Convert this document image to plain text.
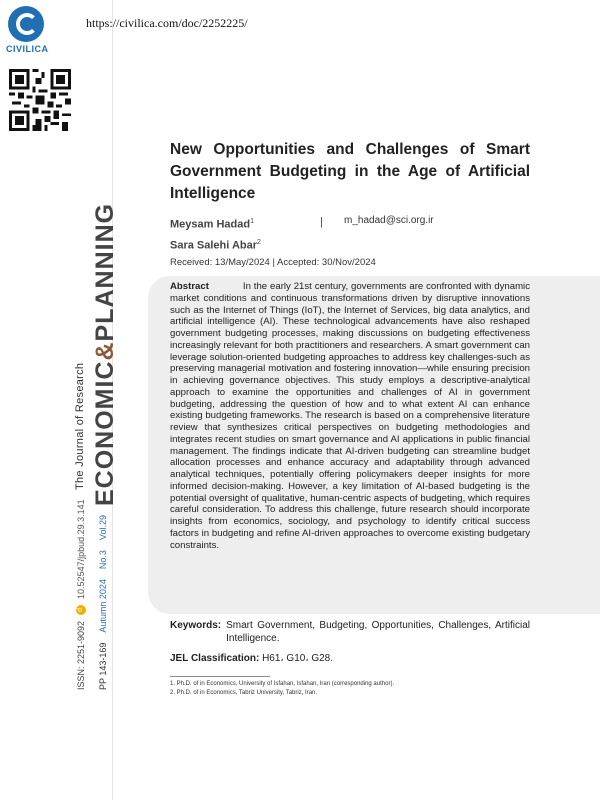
CIVILICA
https://civilica.com/doc/2252225/
New Opportunities and Challenges of Smart Government Budgeting in the Age of Artificial Intelligence
Meysam Hadad$^1$
Sara Salehi Abar$^2$
| m_hadad@sci.org.ir
Received: 13/May/2024 | Accepted: 30/Nov/2024
Abstract	In the early 21st century, governments are confronted with dynamic market conditions and continuous transformations driven by disruptive innovations such as the Internet of Things (IoT), the Internet of Services, big data analytics, and artificial intelligence (AI). These technological advancements have also reshaped government budgeting processes, making discussions on budgeting effectiveness increasingly relevant for both practitioners and researchers. A smart government can leverage solution-oriented budgeting approaches to address key challenges-such as preserving managerial motivation and fostering innovation—while ensuring precision in achieving governance objectives. This study employs a descriptive-analytical approach to examine the opportunities and challenges of AI in government budgeting, addressing the question of how and to what extent AI can enhance existing budgeting frameworks. The research is based on a comprehensive literature review that synthesizes critical perspectives on budgeting methodologies and integrates recent studies on smart governance and AI applications in public financial management. The findings indicate that AI-driven budgeting can streamline budget allocation processes and enhance accuracy and adaptability through advanced analytical techniques, potentially offering policymakers deeper insights for more informed decision-making. However, a key limitation of AI-based budgeting is the potential oversight of qualitative, human-centric aspects of budgeting, which requires careful consideration. To address this challenge, future research should incorporate insights from economics, sociology, and psychology to identify critical success factors in budgeting and refine AI-driven approaches to overcome existing budgetary constraints.
Keywords: Smart Government, Budgeting, Opportunities, Challenges, Artificial Intelligence.
JEL Classification: H61، G10، G28.
1. Ph.D. of in Economics, University of Isfahan, Isfahan, Iran (corresponding author).
2. Ph.D. of in Economics, Tabriz University, Tabriz, Iran.
The Journal of Research ECONOMIC&PLANNING
ISSN: 2251-9092
d
10.52547/jpbud.29.3.141
PP 143-169
Autumn 2024
No.3
Vol.29
